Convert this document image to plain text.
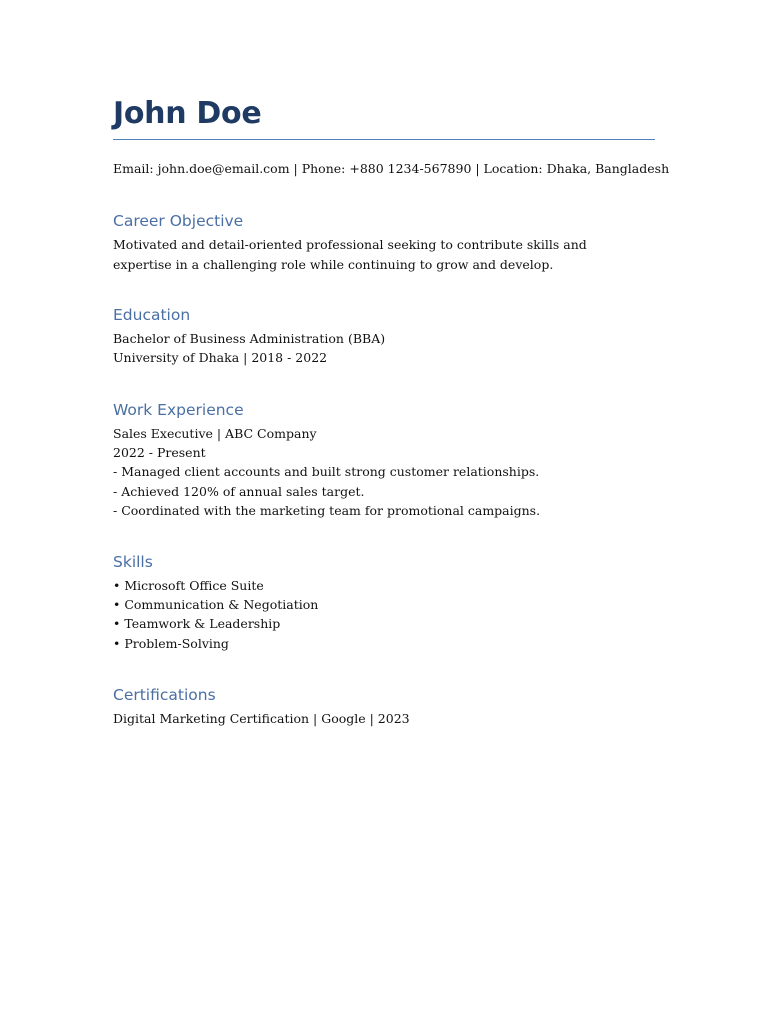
John Doe
Email: john.doe@email.com | Phone: +880 1234-567890 | Location: Dhaka, Bangladesh
Career Objective

Motivated and detail-oriented professional seeking to contribute skills and expertise in a challenging role while continuing to grow and develop.

Education

Bachelor of Business Administration (BBA)

University of Dhaka | 2018 - 2022

Work Experience

Sales Executive | ABC Company

2022 - Present

- Managed client accounts and built strong customer relationships.

- Achieved 120% of annual sales target.

- Coordinated with the marketing team for promotional campaigns.

Skills

• Microsoft Office Suite

• Communication & Negotiation

• Teamwork & Leadership

• Problem-Solving

Certifications

Digital Marketing Certification | Google | 2023
